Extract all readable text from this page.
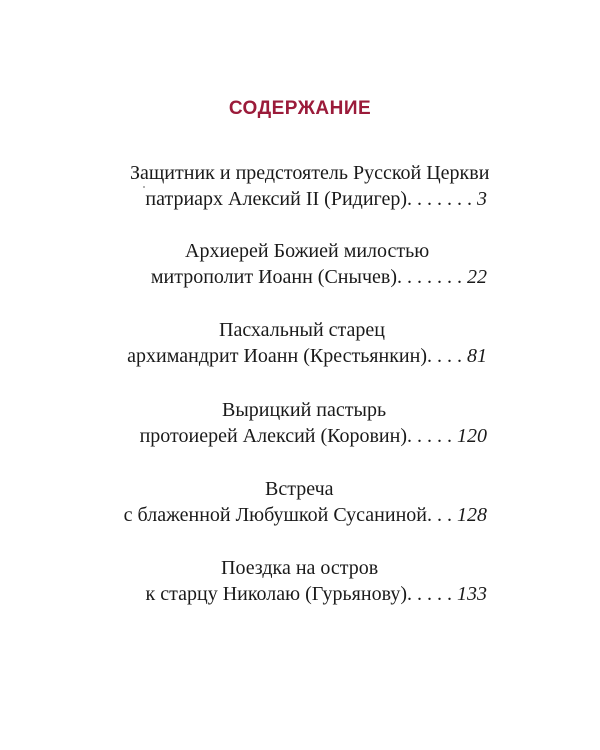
СОДЕРЖАНИЕ
Защитник и предстоятель Русской Церкви
патриарх Алексий II (Ридигер). . . . . . . 3
Архиерей Божией милостью
митрополит Иоанн (Снычев). . . . . . . 22
Пасхальный старец
архимандрит Иоанн (Крестьянкин). . . . 81
Вырицкий пастырь
протоиерей Алексий (Коровин). . . . . 120
Встреча
с блаженной Любушкой Сусаниной. . . 128
Поездка на остров
к старцу Николаю (Гурьянову). . . . . 133
